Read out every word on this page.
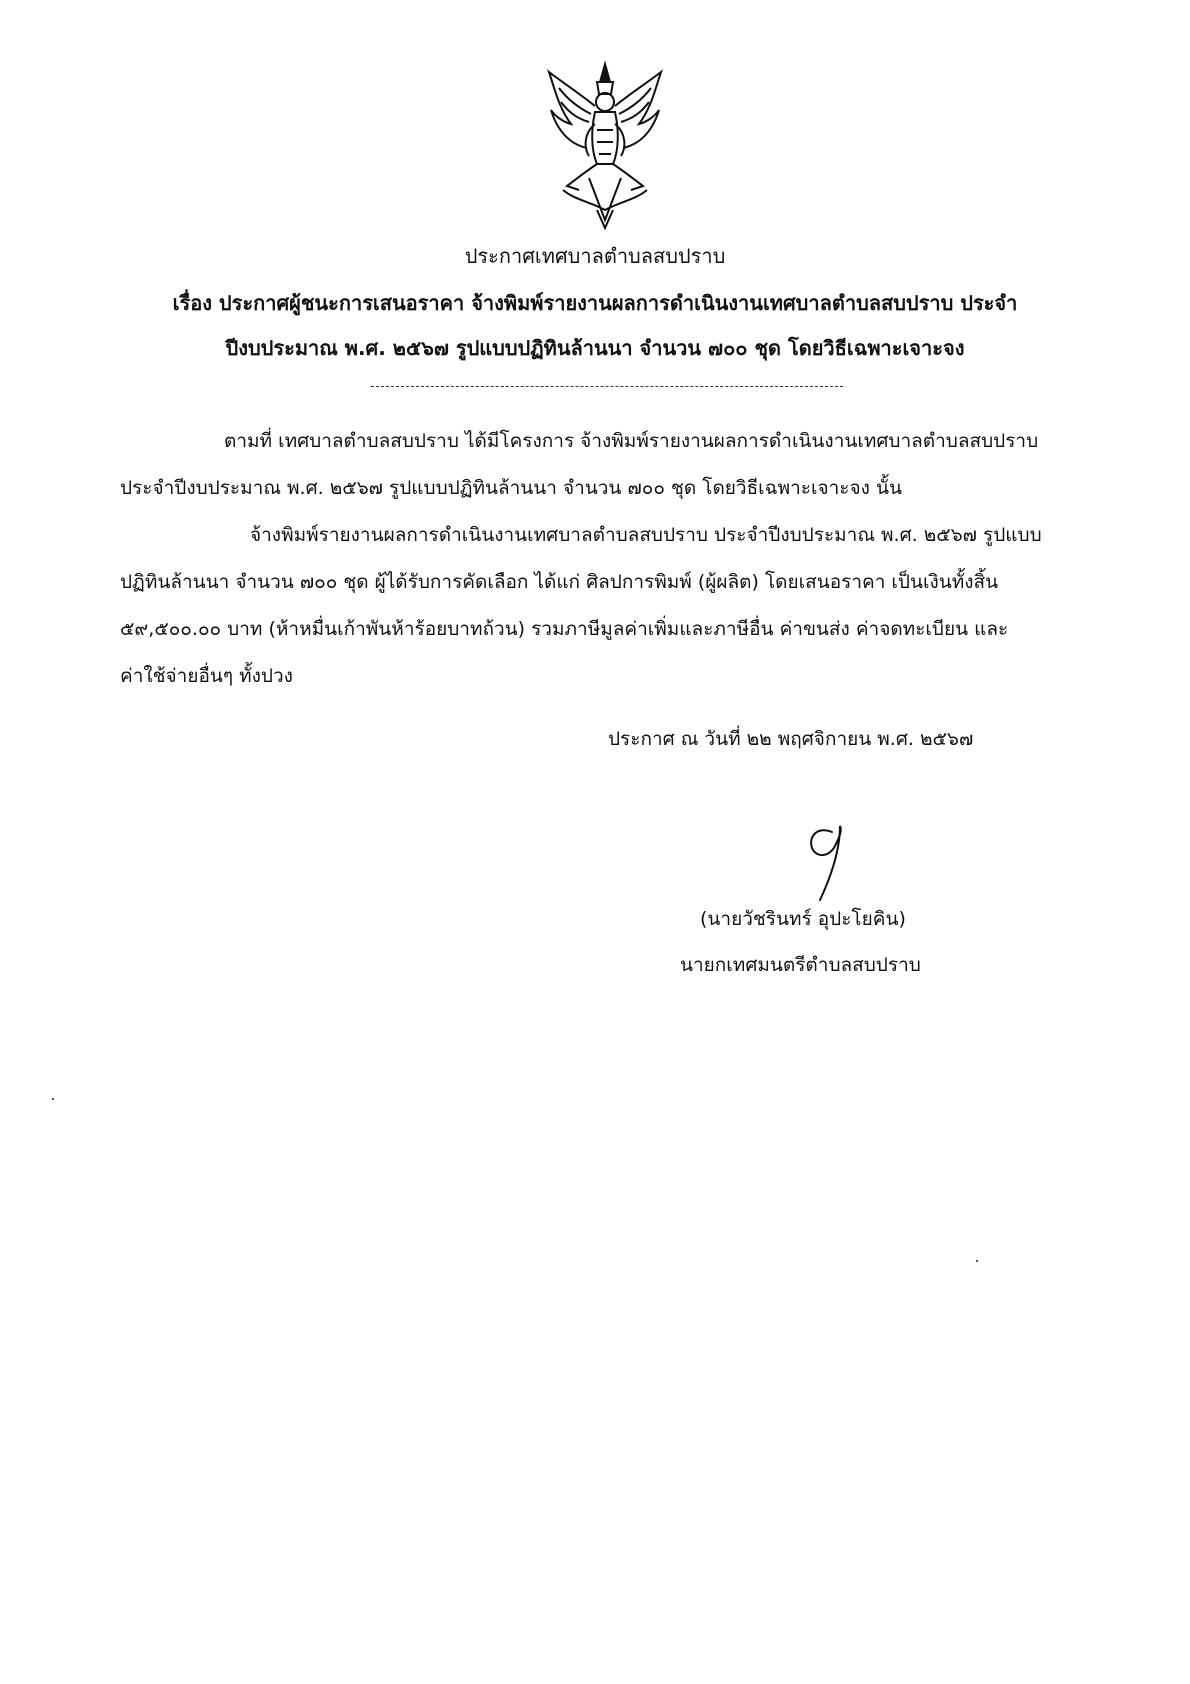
ประกาศเทศบาลตำบลสบปราบ
เรื่อง ประกาศผู้ชนะการเสนอราคา จ้างพิมพ์รายงานผลการดำเนินงานเทศบาลตำบลสบปราบ ประจำ
ปีงบประมาณ พ.ศ. ๒๕๖๗ รูปแบบปฏิทินล้านนา จำนวน ๗๐๐ ชุด โดยวิธีเฉพาะเจาะจง
ตามที่ เทศบาลตำบลสบปราบ ได้มีโครงการ จ้างพิมพ์รายงานผลการดำเนินงานเทศบาลตำบลสบปราบ
ประจำปีงบประมาณ พ.ศ. ๒๕๖๗ รูปแบบปฏิทินล้านนา จำนวน ๗๐๐ ชุด โดยวิธีเฉพาะเจาะจง นั้น
จ้างพิมพ์รายงานผลการดำเนินงานเทศบาลตำบลสบปราบ ประจำปีงบประมาณ พ.ศ. ๒๕๖๗ รูปแบบ
ปฏิทินล้านนา จำนวน ๗๐๐ ชุด ผู้ได้รับการคัดเลือก ได้แก่ ศิลปการพิมพ์ (ผู้ผลิต) โดยเสนอราคา เป็นเงินทั้งสิ้น
๕๙,๕๐๐.๐๐ บาท (ห้าหมื่นเก้าพันห้าร้อยบาทถ้วน) รวมภาษีมูลค่าเพิ่มและภาษีอื่น ค่าขนส่ง ค่าจดทะเบียน และ
ค่าใช้จ่ายอื่นๆ ทั้งปวง
ประกาศ ณ วันที่ ๒๒ พฤศจิกายน พ.ศ. ๒๕๖๗
(นายวัชรินทร์ อุปะโยคิน)
นายกเทศมนตรีตำบลสบปราบ
